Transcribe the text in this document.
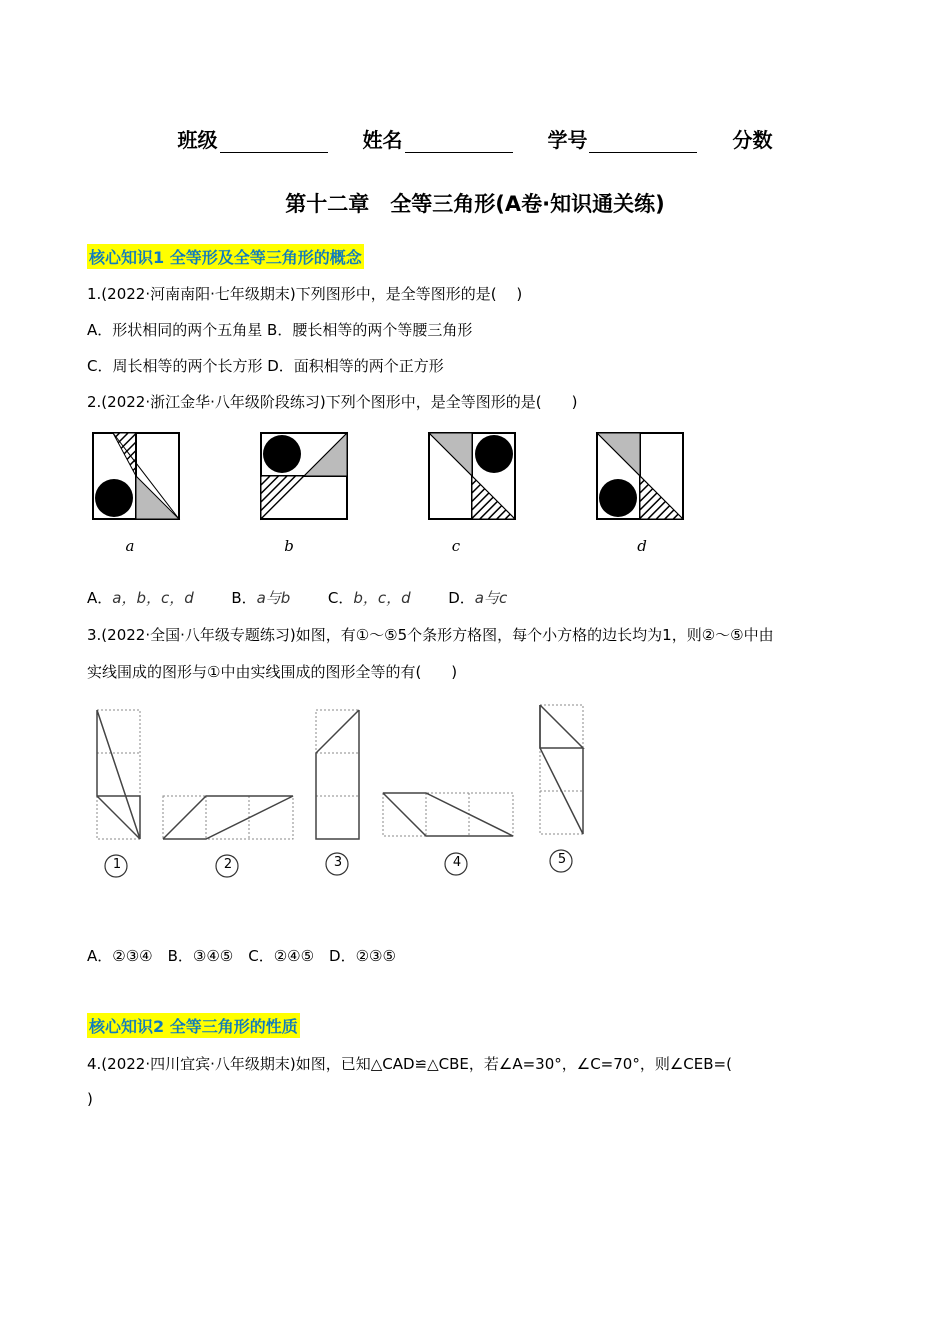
班级	姓名	学号	分数
第十二章　全等三角形(A卷·知识通关练)
核心知识1 全等形及全等三角形的概念
1.(2022·河南南阳·七年级期末)下列图形中，是全等图形的是(　 )
A．形状相同的两个五角星 B．腰长相等的两个等腰三角形
C．周长相等的两个长方形 D．面积相等的两个正方形
2.(2022·浙江金华·八年级阶段练习)下列个图形中，是全等图形的是(　　)
a	b	c	d
A．a，b，c，d	B．a与b	C．b，c，d	D．a与c
3.(2022·全国·八年级专题练习)如图，有①～⑤5个条形方格图，每个小方格的边长均为1，则②～⑤中由
实线围成的图形与①中由实线围成的图形全等的有(　　)
1	2	3	4	5
A．②③④　B．③④⑤　C．②④⑤　D．②③⑤
核心知识2 全等三角形的性质
4.(2022·四川宜宾·八年级期末)如图，已知△CAD≌△CBE，若∠A=30°，∠C=70°，则∠CEB=(
)
